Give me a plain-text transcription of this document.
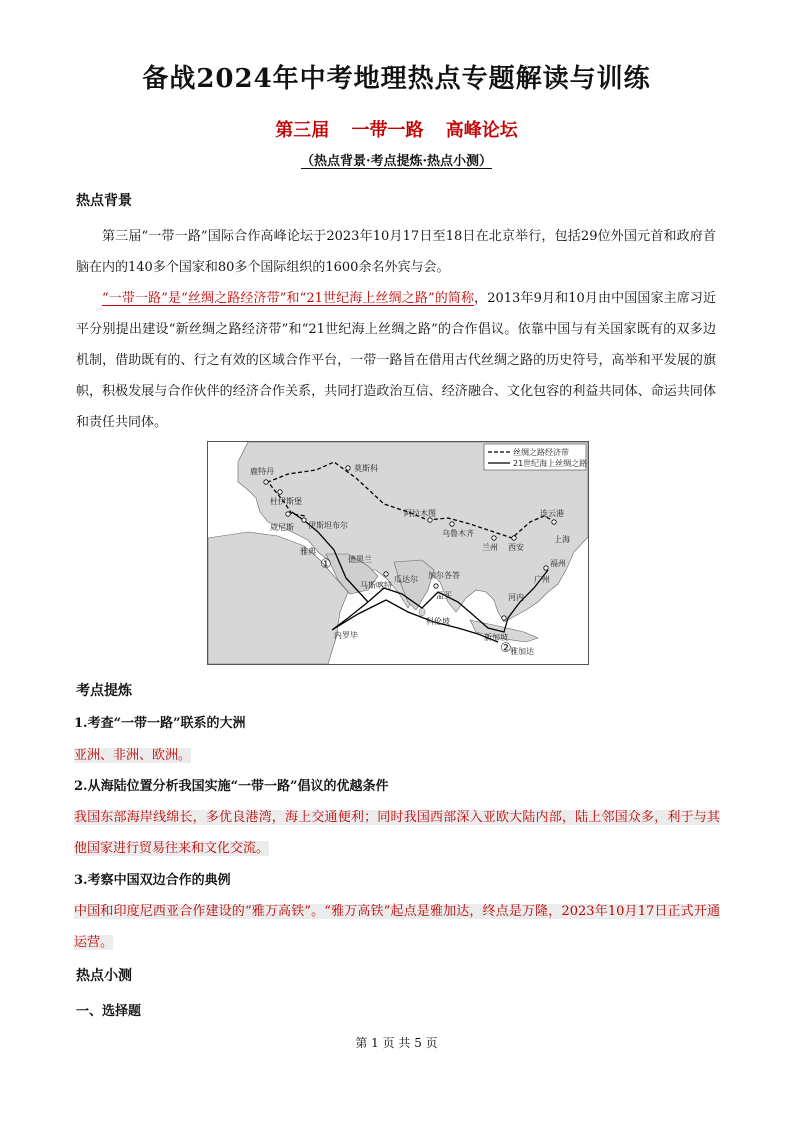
备战2024年中考地理热点专题解读与训练
第三届 一带一路 高峰论坛
（热点背景·考点提炼·热点小测）
热点背景
第三届“一带一路”国际合作高峰论坛于2023年10月17日至18日在北京举行，包括29位外国元首和政府首脑在内的140多个国家和80多个国际组织的1600余名外宾与会。
“一带一路”是“丝绸之路经济带”和“21世纪海上丝绸之路”的简称，2013年9月和10月由中国国家主席习近平分别提出建设“新丝绸之路经济带”和“21世纪海上丝绸之路”的合作倡议。依靠中国与有关国家既有的双多边机制，借助既有的、行之有效的区域合作平台，一带一路旨在借用古代丝绸之路的历史符号，高举和平发展的旗帜，积极发展与合作伙伴的经济合作关系，共同打造政治互信、经济融合、文化包容的利益共同体、命运共同体和责任共同体。
丝绸之路经济带
21世纪海上丝绸之路
莫斯科
鹿特丹
杜伊斯堡
威尼斯
雅典
伊斯坦布尔
阿拉木图
乌鲁木齐
兰州 西安
连云港
上海
福州
广州
德黑兰
瓜达尔 加尔各答
孟买
马斯喀特
科伦坡
河内
内罗毕	新加坡
雅加达
①
②
考点提炼
1.考查“一带一路”联系的大洲
亚洲、非洲、欧洲。
2.从海陆位置分析我国实施“一带一路”倡议的优越条件
我国东部海岸线绵长，多优良港湾，海上交通便利；同时我国西部深入亚欧大陆内部，陆上邻国众多，利于与其他国家进行贸易往来和文化交流。
3.考察中国双边合作的典例
中国和印度尼西亚合作建设的“雅万高铁”。“雅万高铁”起点是雅加达，终点是万隆，2023年10月17日正式开通运营。
热点小测
一、选择题
第 1 页 共 5 页
